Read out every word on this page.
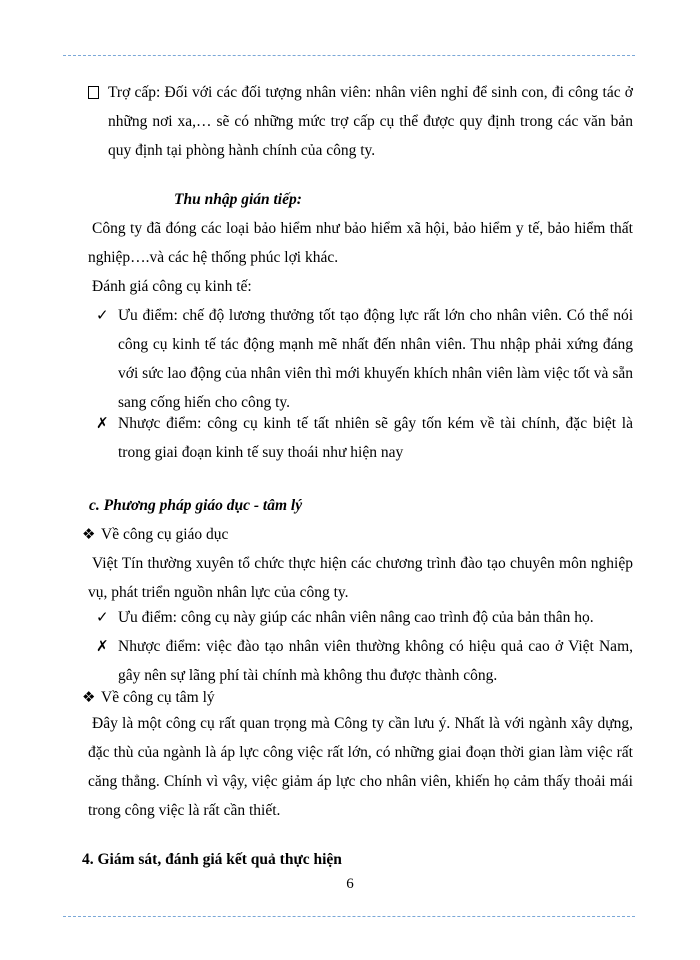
Trợ cấp: Đối với các đối tượng nhân viên: nhân viên nghỉ để sinh con, đi công tác ở những nơi xa,… sẽ có những mức trợ cấp cụ thể được quy định trong các văn bản quy định tại phòng hành chính của công ty.

Thu nhập gián tiếp:

Công ty đã đóng các loại bảo hiểm như bảo hiểm xã hội, bảo hiểm y tế, bảo hiểm thất nghiệp….và các hệ thống phúc lợi khác.

Đánh giá công cụ kinh tế:

✓ Ưu điểm: chế độ lương thưởng tốt tạo động lực rất lớn cho nhân viên. Có thể nói công cụ kinh tế tác động mạnh mẽ nhất đến nhân viên. Thu nhập phải xứng đáng với sức lao động của nhân viên thì mới khuyến khích nhân viên làm việc tốt và sẵn sang cống hiến cho công ty.

✗ Nhược điểm: công cụ kinh tế tất nhiên sẽ gây tốn kém về tài chính, đặc biệt là trong giai đoạn kinh tế suy thoái như hiện nay

c. Phương pháp giáo dục - tâm lý

❖ Về công cụ giáo dục

Việt Tín thường xuyên tổ chức thực hiện các chương trình đào tạo chuyên môn nghiệp vụ, phát triển nguồn nhân lực của công ty.

✓ Ưu điểm: công cụ này giúp các nhân viên nâng cao trình độ của bản thân họ.

✗ Nhược điểm: việc đào tạo nhân viên thường không có hiệu quả cao ở Việt Nam, gây nên sự lãng phí tài chính mà không thu được thành công.

❖ Về công cụ tâm lý

Đây là một công cụ rất quan trọng mà Công ty cần lưu ý. Nhất là với ngành xây dựng, đặc thù của ngành là áp lực công việc rất lớn, có những giai đoạn thời gian làm việc rất căng thẳng. Chính vì vậy, việc giảm áp lực cho nhân viên, khiến họ cảm thấy thoải mái trong công việc là rất cần thiết.

4. Giám sát, đánh giá kết quả thực hiện

6
